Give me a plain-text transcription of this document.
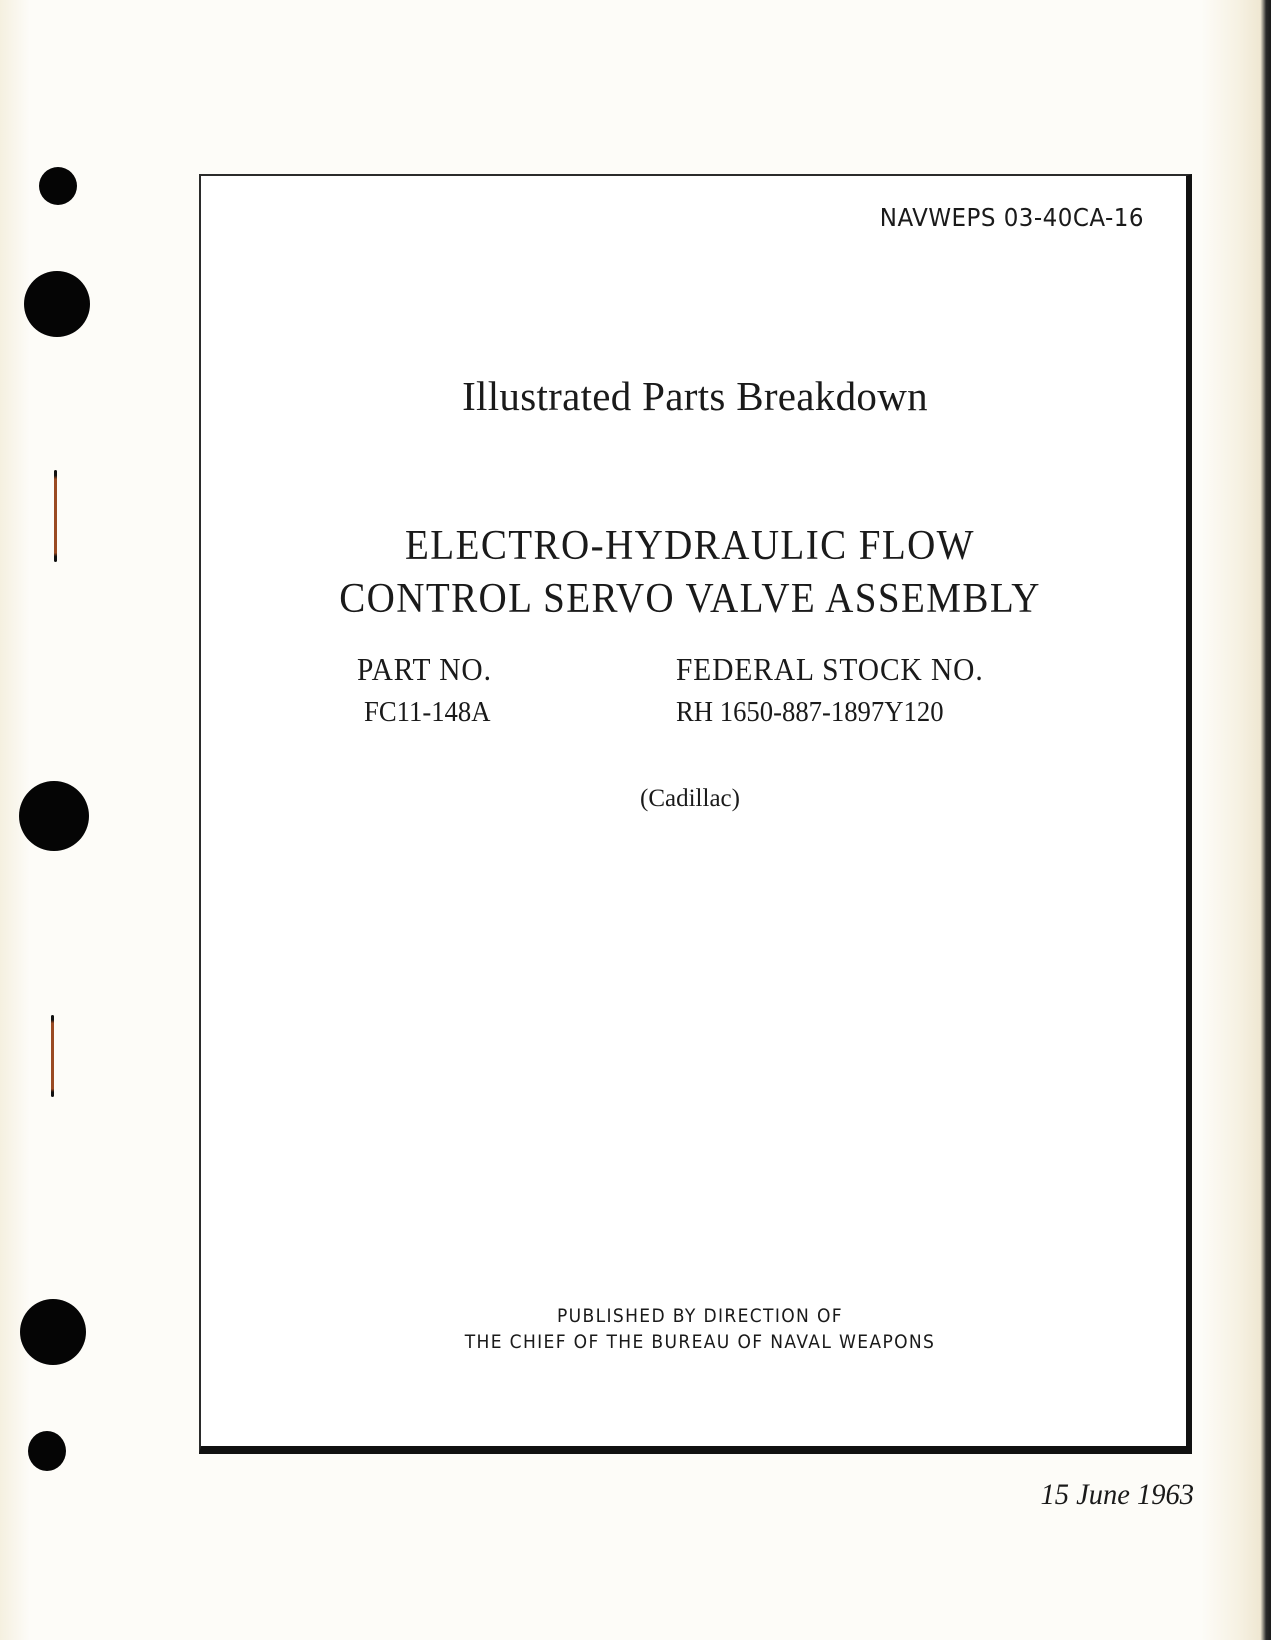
NAVWEPS 03-40CA-16
Illustrated Parts Breakdown
ELECTRO-HYDRAULIC FLOW
CONTROL SERVO VALVE ASSEMBLY
PART NO.
FC11-148A
FEDERAL STOCK NO.
RH 1650-887-1897Y120
(Cadillac)
PUBLISHED BY DIRECTION OF
THE CHIEF OF THE BUREAU OF NAVAL WEAPONS
15 June 1963
